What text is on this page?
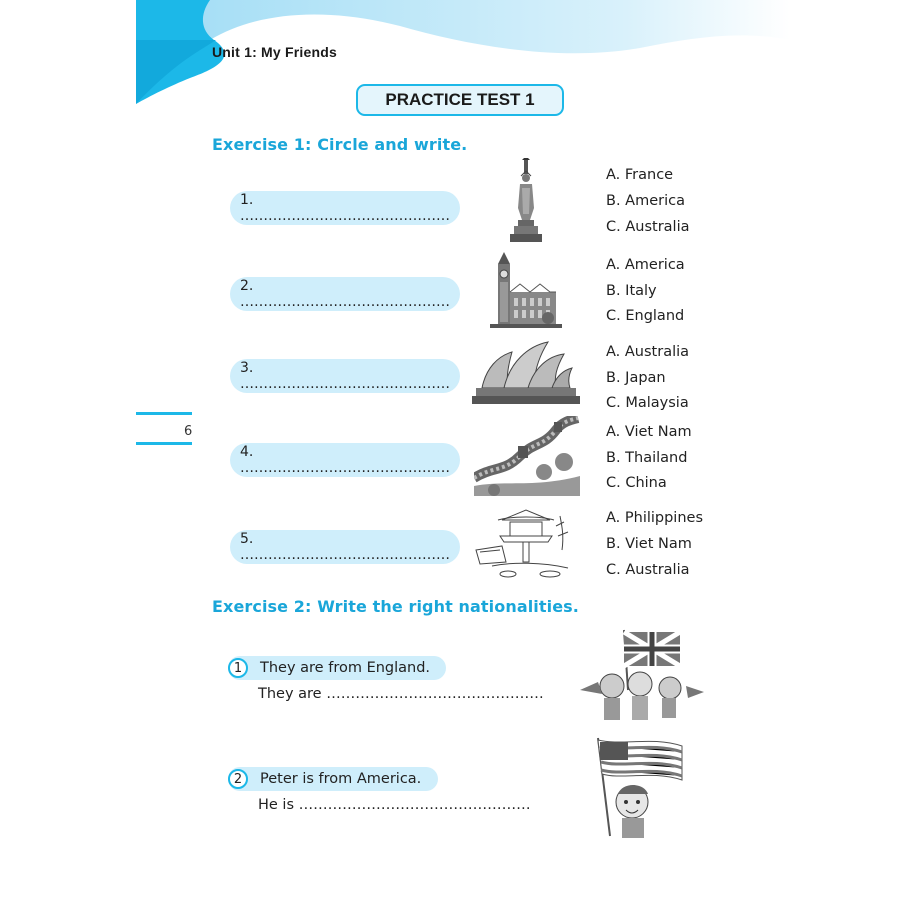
Unit 1: My Friends
PRACTICE TEST 1
6
Exercise 1: Circle and write.
1. ………………………………………
A. France
B. America
C. Australia
2. ………………………………………
A. America
B. Italy
C. England
3. ………………………………………
A. Australia
B. Japan
C. Malaysia
4. ………………………………………
A. Viet Nam
B. Thailand
C. China
5. ………………………………………
A. Philippines
B. Viet Nam
C. Australia
Exercise 2: Write the right nationalities.
They are from England.
1
They are ………………………………………
Peter is from America.
2
He is …………………………………………
